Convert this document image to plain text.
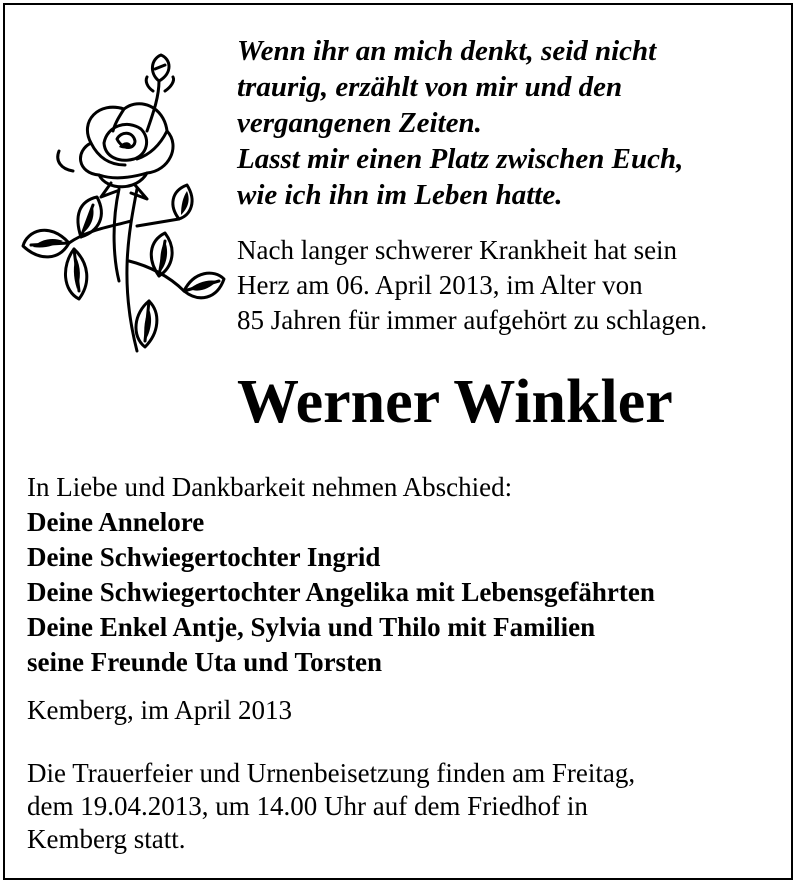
Wenn ihr an mich denkt, seid nicht
traurig, erzählt von mir und den
vergangenen Zeiten.
Lasst mir einen Platz zwischen Euch,
wie ich ihn im Leben hatte.
Nach langer schwerer Krankheit hat sein
Herz am 06. April 2013, im Alter von
85 Jahren für immer aufgehört zu schlagen.
Werner Winkler
In Liebe und Dankbarkeit nehmen Abschied:
Deine Annelore
Deine Schwiegertochter Ingrid
Deine Schwiegertochter Angelika mit Lebensgefährten
Deine Enkel Antje, Sylvia und Thilo mit Familien
seine Freunde Uta und Torsten
Kemberg, im April 2013
Die Trauerfeier und Urnenbeisetzung finden am Freitag,
dem 19.04.2013, um 14.00 Uhr auf dem Friedhof in
Kemberg statt.
